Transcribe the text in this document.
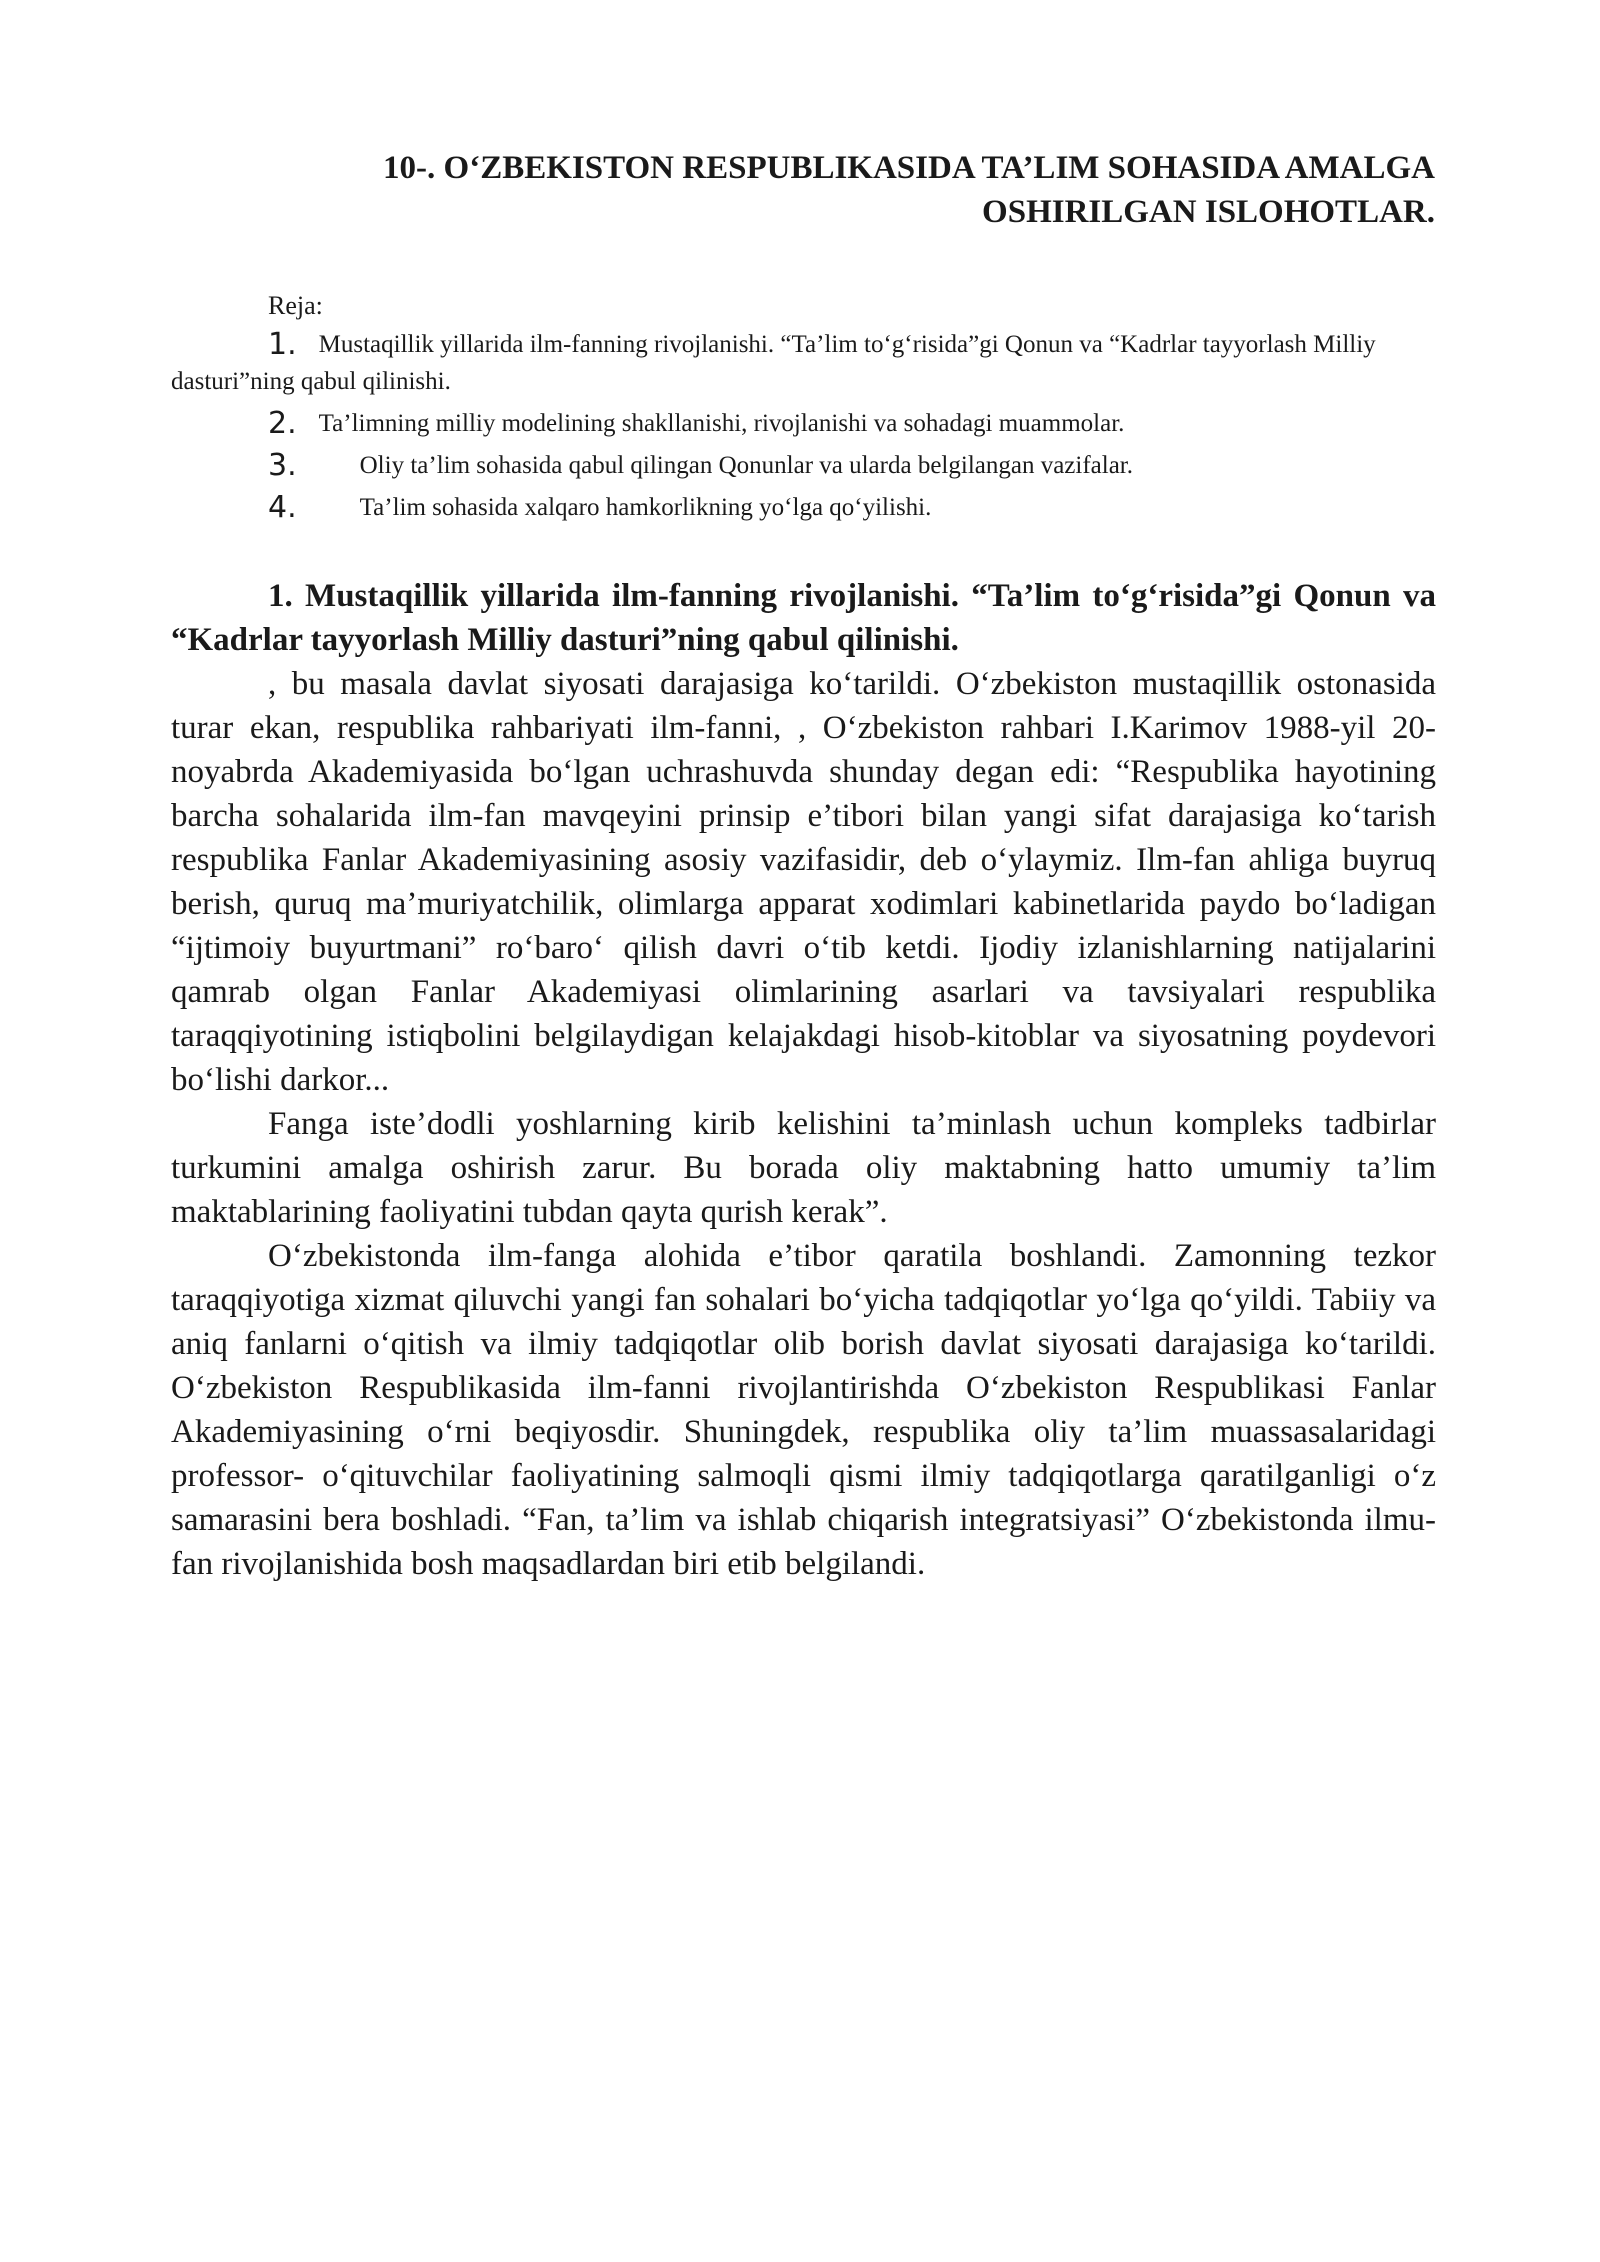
10-. O‘ZBEKISTON RESPUBLIKASIDA TA’LIM SOHASIDA AMALGA
OSHIRILGAN ISLOHOTLAR.
Reja:
1. Mustaqillik yillarida ilm-fanning rivojlanishi. “Ta’lim to‘g‘risida”gi Qonun va “Kadrlar tayyorlash Milliy dasturi”ning qabul qilinishi.
2. Ta’limning milliy modelining shakllanishi, rivojlanishi va sohadagi muammolar.
3.	Oliy ta’lim sohasida qabul qilingan Qonunlar va ularda belgilangan vazifalar.
4.	Ta’lim sohasida xalqaro hamkorlikning yo‘lga qo‘yilishi.
1. Mustaqillik yillarida ilm-fanning rivojlanishi. “Ta’lim to‘g‘risida”gi Qonun va “Kadrlar tayyorlash Milliy dasturi”ning qabul qilinishi.

, bu masala davlat siyosati darajasiga ko‘tarildi. O‘zbekiston mustaqillik ostonasida turar ekan, respublika rahbariyati ilm-fanni, , O‘zbekiston rahbari I.Karimov 1988-yil 20-noyabrda Akademiyasida bo‘lgan uchrashuvda shunday degan edi: “Respublika hayotining barcha sohalarida ilm-fan mavqeyini prinsip e’tibori bilan yangi sifat darajasiga ko‘tarish respublika Fanlar Akademiyasining asosiy vazifasidir, deb o‘ylaymiz. Ilm-fan ahliga buyruq berish, quruq ma’muriyatchilik, olimlarga apparat xodimlari kabinetlarida paydo bo‘ladigan “ijtimoiy buyurtmani” ro‘baro‘ qilish davri o‘tib ketdi. Ijodiy izlanishlarning natijalarini qamrab olgan Fanlar Akademiyasi olimlarining asarlari va tavsiyalari respublika taraqqiyotining istiqbolini belgilaydigan kelajakdagi hisob-kitoblar va siyosatning poydevori bo‘lishi darkor...

Fanga iste’dodli yoshlarning kirib kelishini ta’minlash uchun kompleks tadbirlar turkumini amalga oshirish zarur. Bu borada oliy maktabning hatto umumiy ta’lim maktablarining faoliyatini tubdan qayta qurish kerak”.

O‘zbekistonda ilm-fanga alohida e’tibor qaratila boshlandi. Zamonning tezkor taraqqiyotiga xizmat qiluvchi yangi fan sohalari bo‘yicha tadqiqotlar yo‘lga qo‘yildi. Tabiiy va aniq fanlarni o‘qitish va ilmiy tadqiqotlar olib borish davlat siyosati darajasiga ko‘tarildi. O‘zbekiston Respublikasida ilm-fanni rivojlantirishda O‘zbekiston Respublikasi Fanlar Akademiyasining o‘rni beqiyosdir. Shuningdek, respublika oliy ta’lim muassasalaridagi professor- o‘qituvchilar faoliyatining salmoqli qismi ilmiy tadqiqotlarga qaratilganligi o‘z samarasini bera boshladi. “Fan, ta’lim va ishlab chiqarish integratsiyasi” O‘zbekistonda ilmu-fan rivojlanishida bosh maqsadlardan biri etib belgilandi.
